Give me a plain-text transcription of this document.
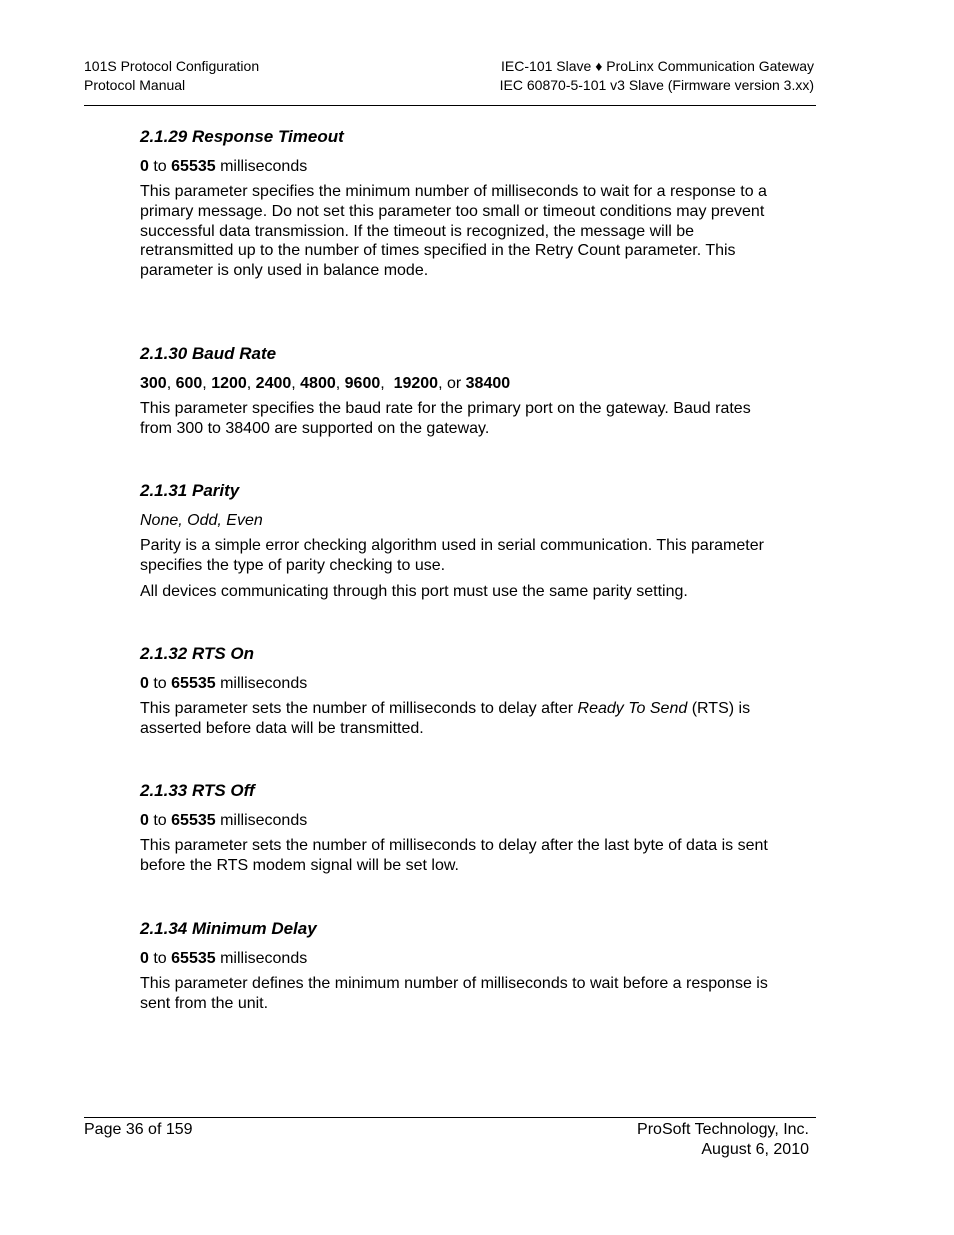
101S Protocol Configuration
Protocol Manual
IEC-101 Slave ♦ ProLinx Communication Gateway
IEC 60870-5-101 v3 Slave (Firmware version 3.xx)
2.1.29 Response Timeout
0 to 65535 milliseconds

This parameter specifies the minimum number of milliseconds to wait for a response to a primary message. Do not set this parameter too small or timeout conditions may prevent successful data transmission. If the timeout is recognized, the message will be retransmitted up to the number of times specified in the Retry Count parameter. This parameter is only used in balance mode.

2.1.30 Baud Rate
300, 600, 1200, 2400, 4800, 9600,  19200, or 38400

This parameter specifies the baud rate for the primary port on the gateway. Baud rates from 300 to 38400 are supported on the gateway.

2.1.31 Parity
None, Odd, Even

Parity is a simple error checking algorithm used in serial communication. This parameter specifies the type of parity checking to use.

All devices communicating through this port must use the same parity setting.

2.1.32 RTS On
0 to 65535 milliseconds

This parameter sets the number of milliseconds to delay after Ready To Send (RTS) is asserted before data will be transmitted.

2.1.33 RTS Off
0 to 65535 milliseconds

This parameter sets the number of milliseconds to delay after the last byte of data is sent before the RTS modem signal will be set low.

2.1.34 Minimum Delay
0 to 65535 milliseconds

This parameter defines the minimum number of milliseconds to wait before a response is sent from the unit.

Page 36 of 159	ProSoft Technology, Inc.
August 6, 2010
